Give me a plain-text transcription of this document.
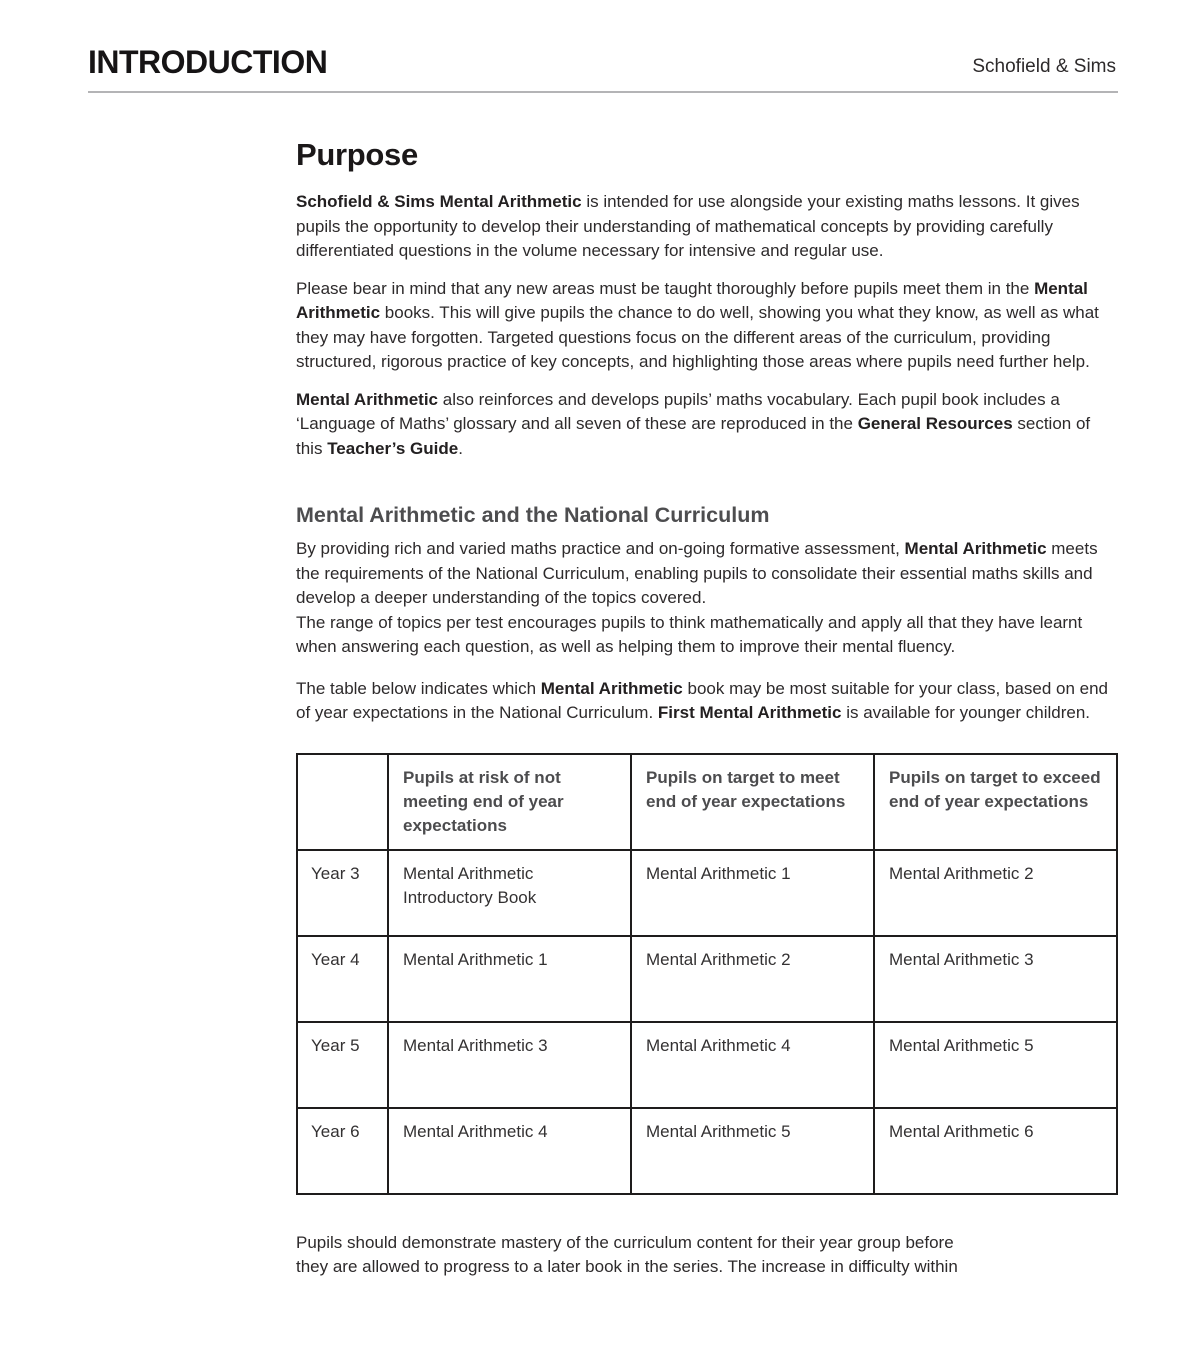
INTRODUCTION	Schofield & Sims
Purpose

Schofield & Sims Mental Arithmetic is intended for use alongside your existing maths lessons. It gives pupils the opportunity to develop their understanding of mathematical concepts by providing carefully differentiated questions in the volume necessary for intensive and regular use.

Please bear in mind that any new areas must be taught thoroughly before pupils meet them in the Mental Arithmetic books. This will give pupils the chance to do well, showing you what they know, as well as what they may have forgotten. Targeted questions focus on the different areas of the curriculum, providing structured, rigorous practice of key concepts, and highlighting those areas where pupils need further help.

Mental Arithmetic also reinforces and develops pupils’ maths vocabulary. Each pupil book includes a ‘Language of Maths’ glossary and all seven of these are reproduced in the General Resources section of this Teacher’s Guide.

Mental Arithmetic and the National Curriculum

By providing rich and varied maths practice and on-going formative assessment, Mental Arithmetic meets the requirements of the National Curriculum, enabling pupils to consolidate their essential maths skills and develop a deeper understanding of the topics covered.
The range of topics per test encourages pupils to think mathematically and apply all that they have learnt when answering each question, as well as helping them to improve their mental fluency.

The table below indicates which Mental Arithmetic book may be most suitable for your class, based on end of year expectations in the National Curriculum. First Mental Arithmetic is available for younger children.

	Pupils at risk of not meeting end of year expectations	Pupils on target to meet end of year expectations	Pupils on target to exceed end of year expectations
Year 3	Mental Arithmetic Introductory Book	Mental Arithmetic 1	Mental Arithmetic 2
Year 4	Mental Arithmetic 1	Mental Arithmetic 2	Mental Arithmetic 3
Year 5	Mental Arithmetic 3	Mental Arithmetic 4	Mental Arithmetic 5
Year 6	Mental Arithmetic 4	Mental Arithmetic 5	Mental Arithmetic 6

Pupils should demonstrate mastery of the curriculum content for their year group before
they are allowed to progress to a later book in the series. The increase in difficulty within
